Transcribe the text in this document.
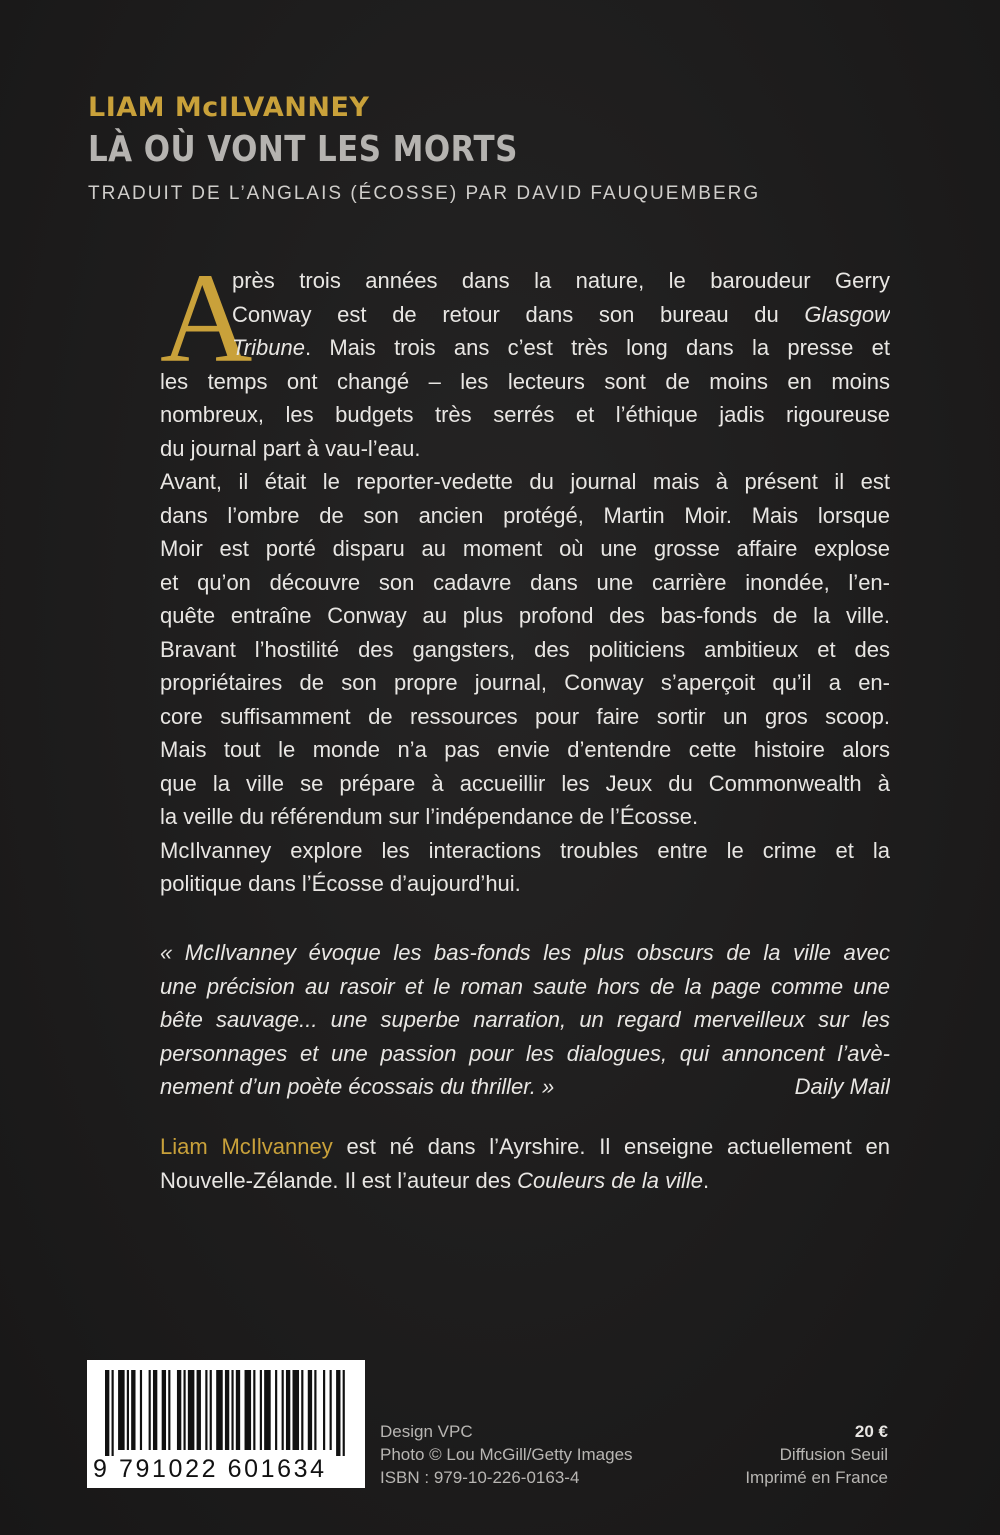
LIAM McILVANNEY
LÀ OÙ VONT LES MORTS
TRADUIT DE L’ANGLAIS (ÉCOSSE) PAR DAVID FAUQUEMBERG
A
près trois années dans la nature, le baroudeur Gerry
Conway est de retour dans son bureau du Glasgow
Tribune. Mais trois ans c’est très long dans la presse et
les temps ont changé – les lecteurs sont de moins en moins
nombreux, les budgets très serrés et l’éthique jadis rigoureuse
du journal part à vau-l’eau.
Avant, il était le reporter-vedette du journal mais à présent il est
dans l’ombre de son ancien protégé, Martin Moir. Mais lorsque
Moir est porté disparu au moment où une grosse affaire explose
et qu’on découvre son cadavre dans une carrière inondée, l’en-
quête entraîne Conway au plus profond des bas-fonds de la ville.
Bravant l’hostilité des gangsters, des politiciens ambitieux et des
propriétaires de son propre journal, Conway s’aperçoit qu’il a en-
core suffisamment de ressources pour faire sortir un gros scoop.
Mais tout le monde n’a pas envie d’entendre cette histoire alors
que la ville se prépare à accueillir les Jeux du Commonwealth à
la veille du référendum sur l’indépendance de l’Écosse.
McIlvanney explore les interactions troubles entre le crime et la
politique dans l’Écosse d’aujourd’hui.
« McIlvanney évoque les bas-fonds les plus obscurs de la ville avec
une précision au rasoir et le roman saute hors de la page comme une
bête sauvage... une superbe narration, un regard merveilleux sur les
personnages et une passion pour les dialogues, qui annoncent l’avè-
nement d’un poète écossais du thriller. »	Daily Mail
Liam McIlvanney est né dans l’Ayrshire. Il enseigne actuellement en
Nouvelle-Zélande. Il est l’auteur des Couleurs de la ville.
9 791022 601634
Design VPC
Photo © Lou McGill/Getty Images
ISBN : 979-10-226-0163-4
20 €
Diffusion Seuil
Imprimé en France
